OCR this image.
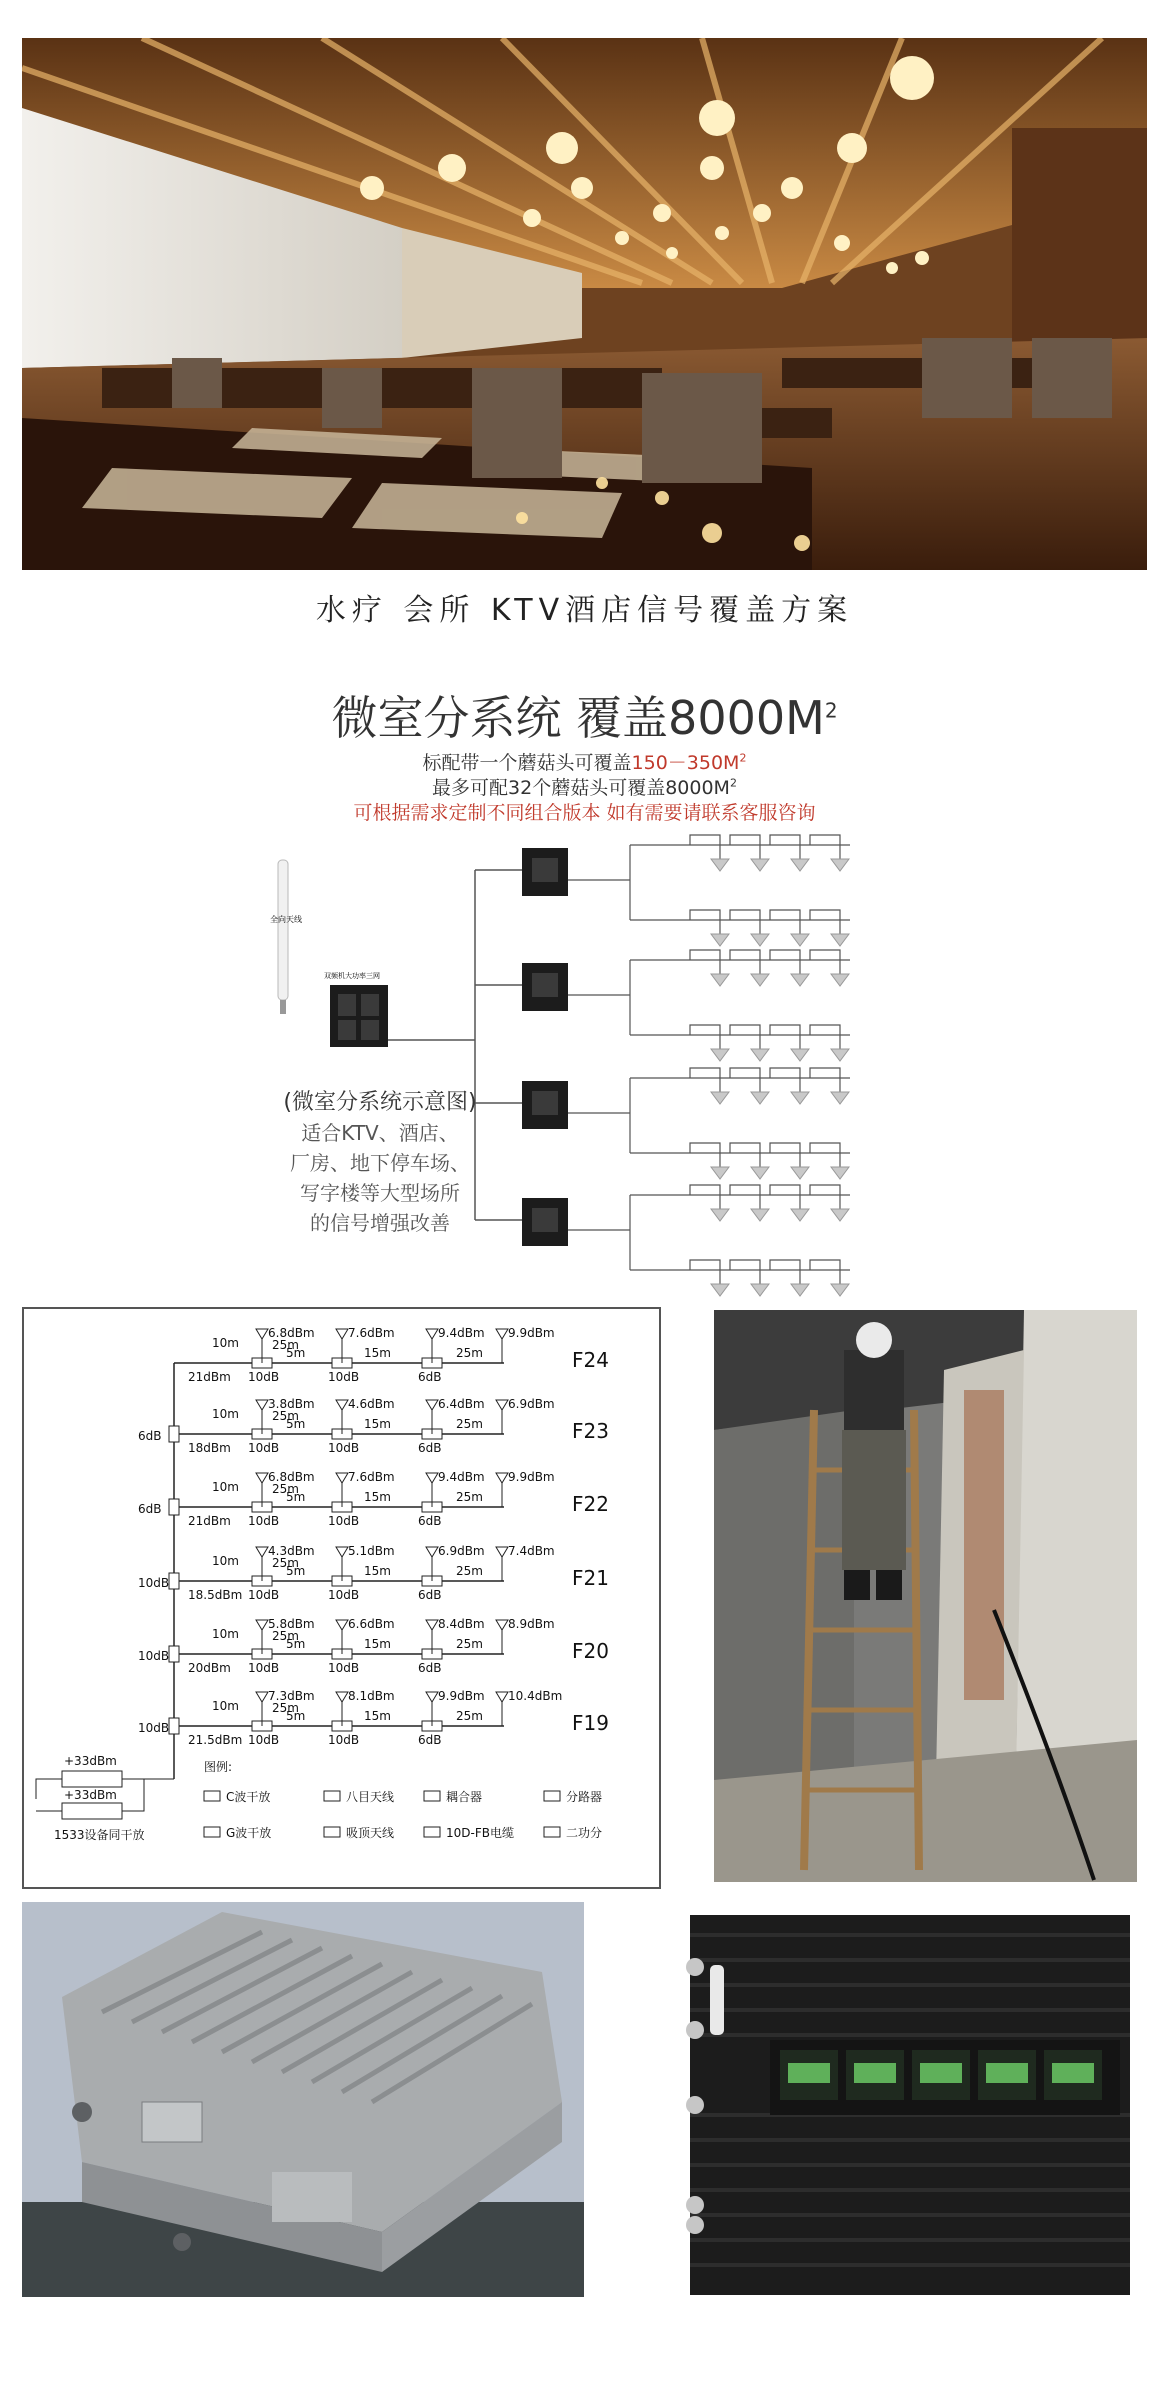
水疗 会所 KTV酒店信号覆盖方案
微室分系统 覆盖$8000M^2$
标配带一个蘑菇头可覆盖$150-350M^2$
最多可配32个蘑菇头可覆盖$8000M^2$
可根据需求定制不同组合版本 如有需要请联系客服咨询
全向天线
双频机大功率三网
(微室分系统示意图)
适合KTV、酒店、
厂房、地下停车场、
写字楼等大型场所
的信号增强改善
10m
21dBm 10dB	10dB	6dB
6.8dBm	7.6dBm	9.4dBm 9.9dBm
5m
25m
15m	25m	F24
6dB
10m
18dBm 10dB	10dB	6dB
3.8dBm	4.6dBm	6.4dBm 6.9dBm
5m
25m
15m	25m	F23
6dB
10m
21dBm 10dB	10dB	6dB
6.8dBm	7.6dBm	9.4dBm 9.9dBm
5m
25m
15m	25m	F22
10dB
10m
18.5dBm 10dB	10dB	6dB
4.3dBm	5.1dBm	6.9dBm 7.4dBm
5m
25m
15m	25m	F21
10dB
10m
20dBm 10dB	10dB	6dB
5.8dBm	6.6dBm	8.4dBm 8.9dBm
5m
25m
15m	25m	F20
10dB
10m
21.5dBm 10dB	10dB	6dB
7.3dBm	8.1dBm	9.9dBm 10.4dBm
5m
25m
15m	25m	F19
+33dBm
+33dBm
1533设备同干放
图例:
C波干放	八目天线	耦合器	分路器
G波干放	吸顶天线	10D-FB电缆	二功分
